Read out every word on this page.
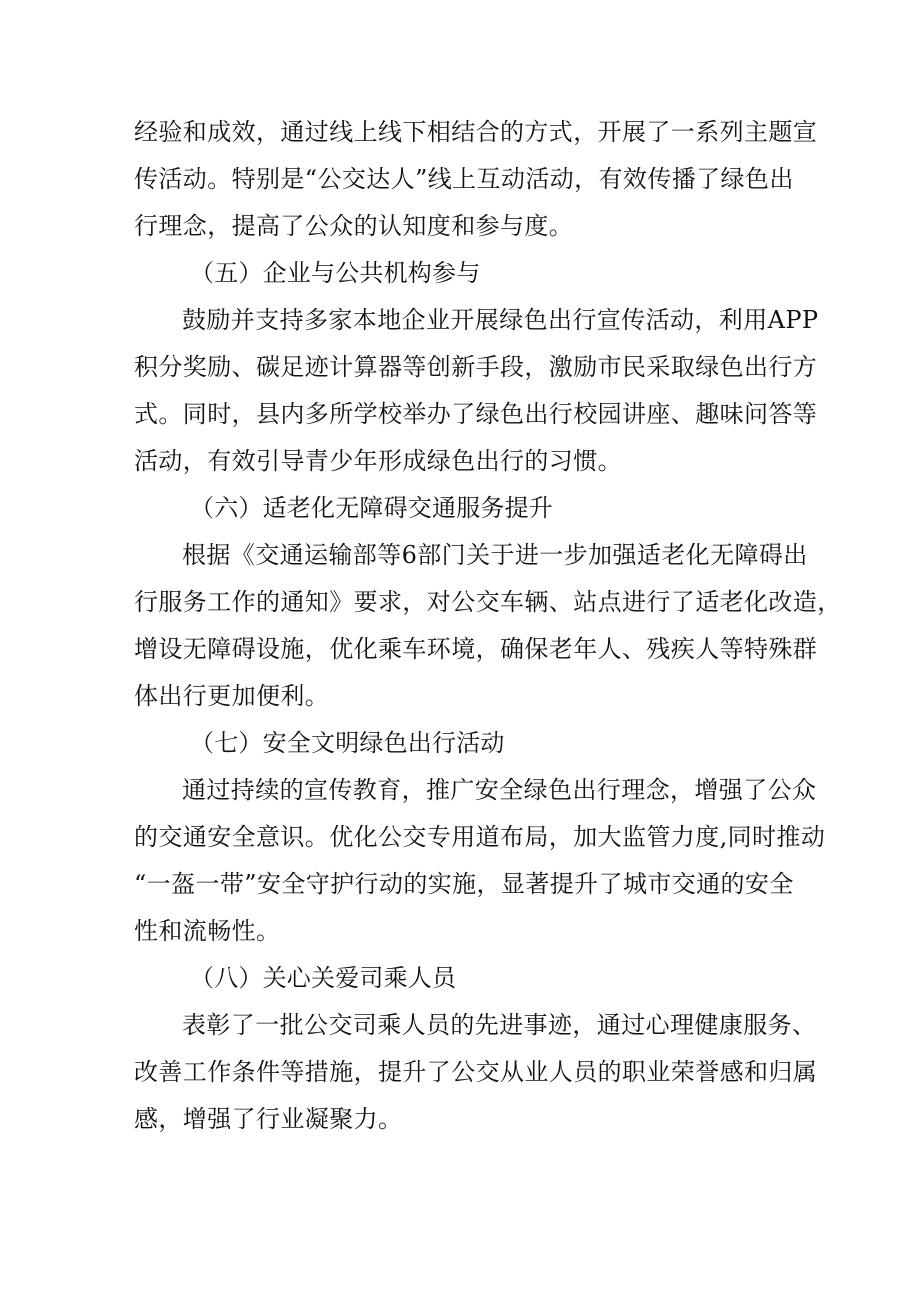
经验和成效，通过线上线下相结合的方式，开展了一系列主题宣
传活动。特别是“公交达人”线上互动活动，有效传播了绿色出
行理念，提高了公众的认知度和参与度。
（五）企业与公共机构参与
鼓励并支持多家本地企业开展绿色出行宣传活动，利用APP
积分奖励、碳足迹计算器等创新手段，激励市民采取绿色出行方
式。同时，县内多所学校举办了绿色出行校园讲座、趣味问答等
活动，有效引导青少年形成绿色出行的习惯。
（六）适老化无障碍交通服务提升
根据《交通运输部等6部门关于进一步加强适老化无障碍出
行服务工作的通知》要求，对公交车辆、站点进行了适老化改造，
增设无障碍设施，优化乘车环境，确保老年人、残疾人等特殊群
体出行更加便利。
（七）安全文明绿色出行活动
通过持续的宣传教育，推广安全绿色出行理念，增强了公众
的交通安全意识。优化公交专用道布局，加大监管力度,同时推动
“一盔一带”安全守护行动的实施，显著提升了城市交通的安全
性和流畅性。
（八）关心关爱司乘人员
表彰了一批公交司乘人员的先进事迹，通过心理健康服务、
改善工作条件等措施，提升了公交从业人员的职业荣誉感和归属
感，增强了行业凝聚力。
